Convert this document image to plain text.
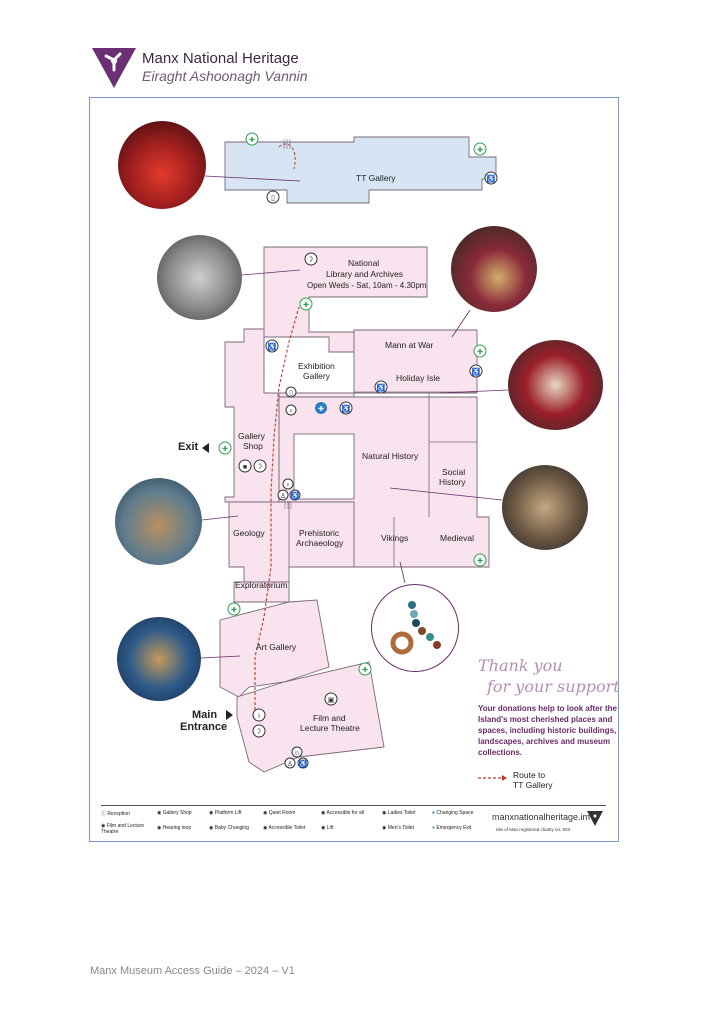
Manx National Heritage
Eiraght Ashoonagh Vannin
TT Gallery
National
Library and Archives
Open Weds - Sat, 10am - 4.30pm
Mann at War
Exhibition
Gallery	Holiday Isle
Gallery
Shop
Natural History
Social
History
Geology	Prehistoric
Archaeology	Vikings	Medieval
Exploratorium
Art Gallery
Film and
Lecture Theatre
Exit
Main
Entrance
✚
✚
✚
✚
✚
✚
✚
✚
♿
▯
ʔ
♿
♿
♿
▯
♀	✚	♿
■ ʔ
♀
♙ ♿
i
ʔ
▣
☺
♙ ♿
Thank you
for your support
Your donations help to look after the Island's most cherished places and spaces, including historic buildings, landscapes, archives and museum collections.
Route to
TT Gallery
ⓘ Reception	◉ Gallery Shop	◉ Platform Lift	◉ Quiet Room	◉ Accessible for all	◉ Ladies Toilet	● Changing Space
◉ Film and Lecture Theatre
◉ Hearing loop	◉ Baby Changing	◉ Accessible Toilet	◉ Lift	◉ Men's Toilet	● Emergency Exit
manxnationalheritage.im
Isle of Man registered charity no. 603
Manx Museum Access Guide – 2024 – V1
